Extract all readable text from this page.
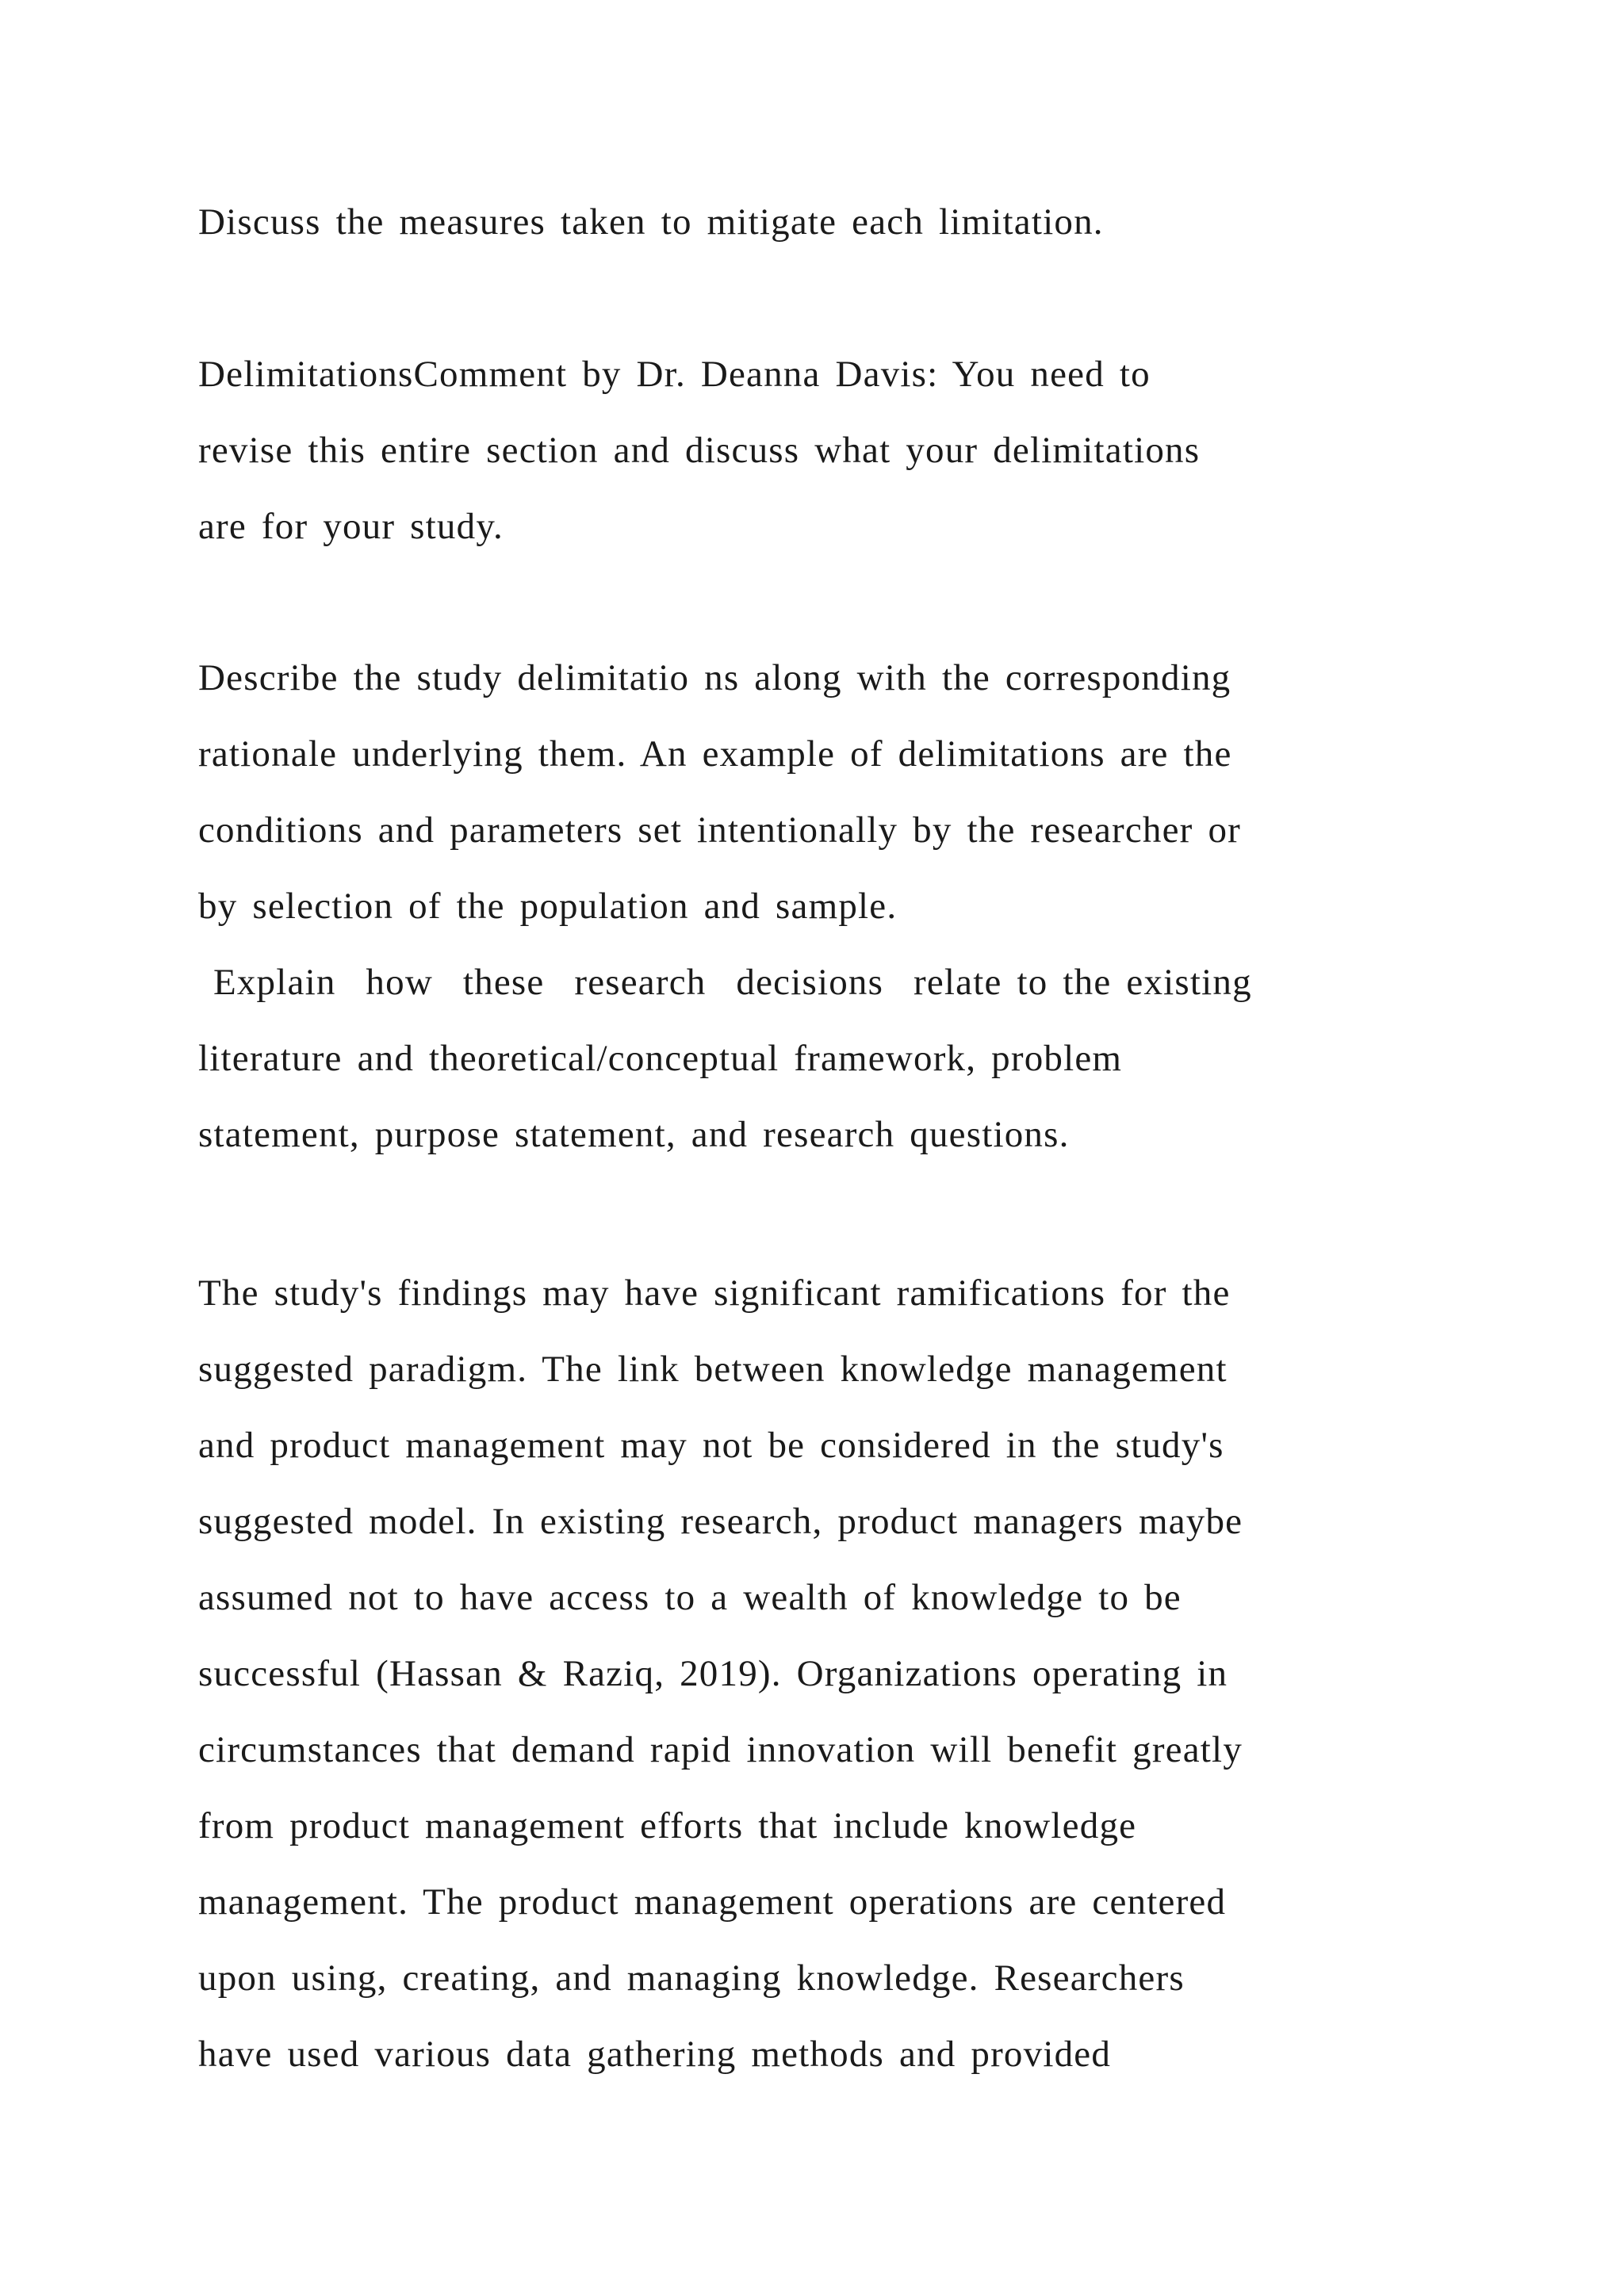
Discuss the measures taken to mitigate each limitation.
DelimitationsComment by Dr. Deanna Davis: You need to
revise this entire section and discuss what your delimitations
are for your study.
Describe the study delimitatio ns along with the corresponding
rationale underlying them. An example of delimitations are the
conditions and parameters set intentionally by the researcher or
by selection of the population and sample.
Explain  how  these  research  decisions  relate to the existing
literature and theoretical/conceptual framework, problem
statement, purpose statement, and research questions.
The study's findings may have significant ramifications for the
suggested paradigm. The link between knowledge management
and product management may not be considered in the study's
suggested model. In existing research, product managers maybe
assumed not to have access to a wealth of knowledge to be
successful (Hassan & Raziq, 2019). Organizations operating in
circumstances that demand rapid innovation will benefit greatly
from product management efforts that include knowledge
management. The product management operations are centered
upon using, creating, and managing knowledge. Researchers
have used various data gathering methods and provided
